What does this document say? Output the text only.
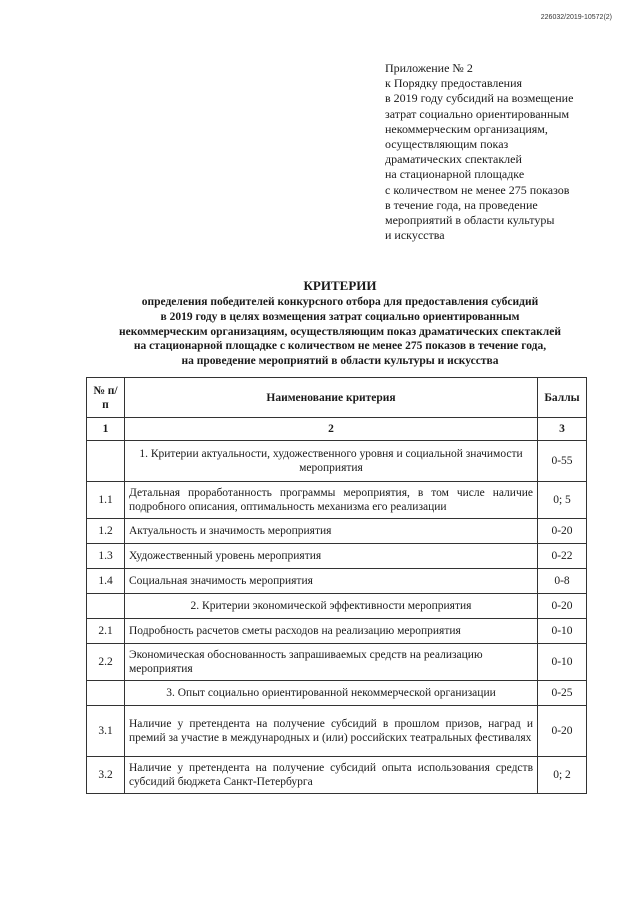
226032/2019-10572(2)
Приложение № 2
к Порядку предоставления
в 2019 году субсидий на возмещение
затрат социально ориентированным
некоммерческим организациям,
осуществляющим показ
драматических спектаклей
на стационарной площадке
с количеством не менее 275 показов
в течение года, на проведение
мероприятий в области культуры
и искусства
КРИТЕРИИ
определения победителей конкурсного отбора для предоставления субсидий
в 2019 году в целях возмещения затрат социально ориентированным
некоммерческим организациям, осуществляющим показ драматических спектаклей
на стационарной площадке с количеством не менее 275 показов в течение года,
на проведение мероприятий в области культуры и искусства
№ п/п	Наименование критерия	Баллы
1	2	3
	1. Критерии актуальности, художественного уровня и социальной значимости мероприятия	0-55
1.1	Детальная проработанность программы мероприятия, в том числе наличие подробного описания, оптимальность механизма его реализации	0; 5
1.2	Актуальность и значимость мероприятия	0-20
1.3	Художественный уровень мероприятия	0-22
1.4	Социальная значимость мероприятия	0-8
	2. Критерии экономической эффективности мероприятия	0-20
2.1	Подробность расчетов сметы расходов на реализацию мероприятия	0-10
2.2	Экономическая обоснованность запрашиваемых средств на реализацию мероприятия	0-10
	3. Опыт социально ориентированной некоммерческой организации	0-25
3.1	Наличие у претендента на получение субсидий в прошлом призов, наград и премий за участие в международных и (или) российских театральных фестивалях	0-20
3.2	Наличие у претендента на получение субсидий опыта использования средств субсидий бюджета Санкт-Петербурга	0; 2
